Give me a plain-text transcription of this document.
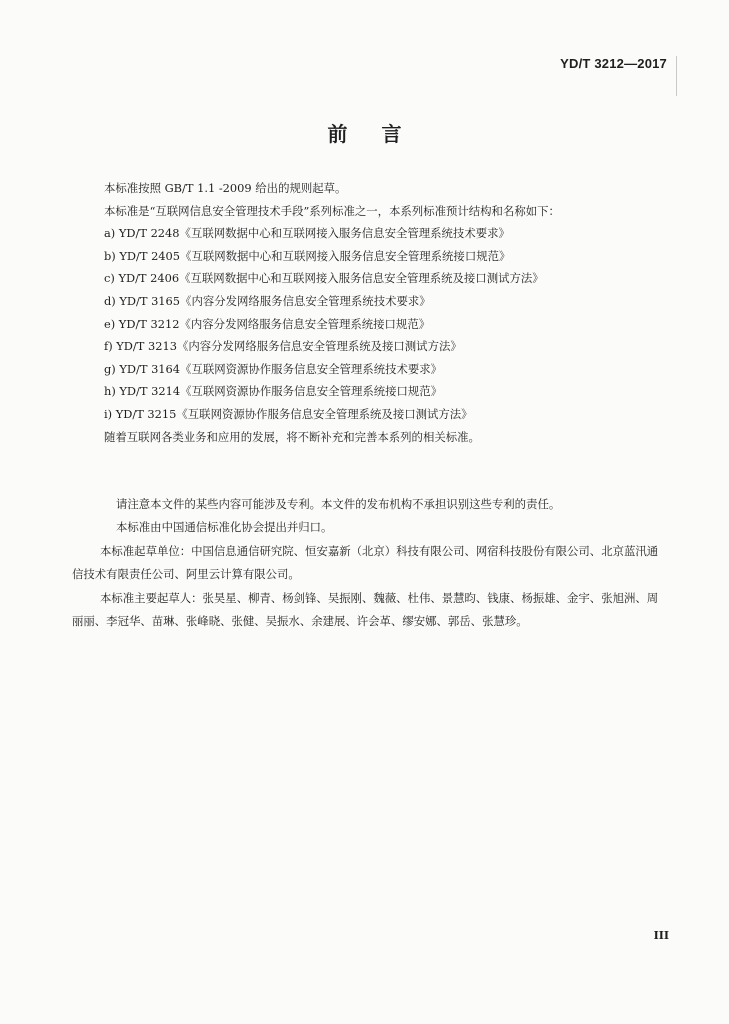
YD/T 3212—2017
前 言

本标准按照 GB/T 1.1 -2009 给出的规则起草。

本标准是“互联网信息安全管理技术手段”系列标准之一，本系列标准预计结构和名称如下：

a) YD/T 2248《互联网数据中心和互联网接入服务信息安全管理系统技术要求》

b) YD/T 2405《互联网数据中心和互联网接入服务信息安全管理系统接口规范》

c) YD/T 2406《互联网数据中心和互联网接入服务信息安全管理系统及接口测试方法》

d) YD/T 3165《内容分发网络服务信息安全管理系统技术要求》

e) YD/T 3212《内容分发网络服务信息安全管理系统接口规范》

f) YD/T 3213《内容分发网络服务信息安全管理系统及接口测试方法》

g) YD/T 3164《互联网资源协作服务信息安全管理系统技术要求》

h) YD/T 3214《互联网资源协作服务信息安全管理系统接口规范》

i) YD/T 3215《互联网资源协作服务信息安全管理系统及接口测试方法》

随着互联网各类业务和应用的发展，将不断补充和完善本系列的相关标准。

请注意本文件的某些内容可能涉及专利。本文件的发布机构不承担识别这些专利的责任。

本标准由中国通信标准化协会提出并归口。

本标准起草单位：中国信息通信研究院、恒安嘉新（北京）科技有限公司、网宿科技股份有限公司、北京蓝汛通信技术有限责任公司、阿里云计算有限公司。

本标准主要起草人：张昊星、柳青、杨剑锋、吴振刚、魏薇、杜伟、景慧昀、钱康、杨振雄、金宇、张旭洲、周丽丽、李冠华、苗琳、张峰晓、张健、吴振水、余建展、许会革、缪安娜、郭岳、张慧珍。

III
